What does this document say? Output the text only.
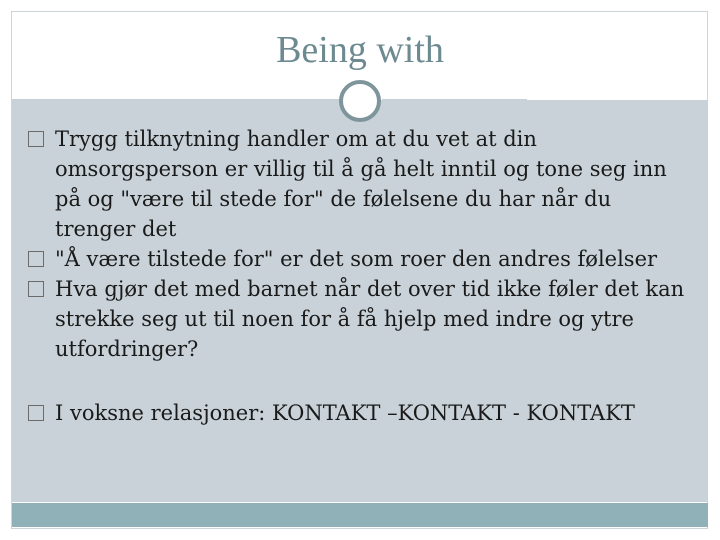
Being with
Trygg tilknytning handler om at du vet at din omsorgsperson er villig til å gå helt inntil og tone seg inn på og "være til stede for" de følelsene du har når du trenger det
"Å være tilstede for" er det som roer den andres følelser
Hva gjør det med barnet når det over tid ikke føler det kan strekke seg ut til noen for å få hjelp med indre og ytre utfordringer?
I voksne relasjoner: KONTAKT –KONTAKT - KONTAKT
